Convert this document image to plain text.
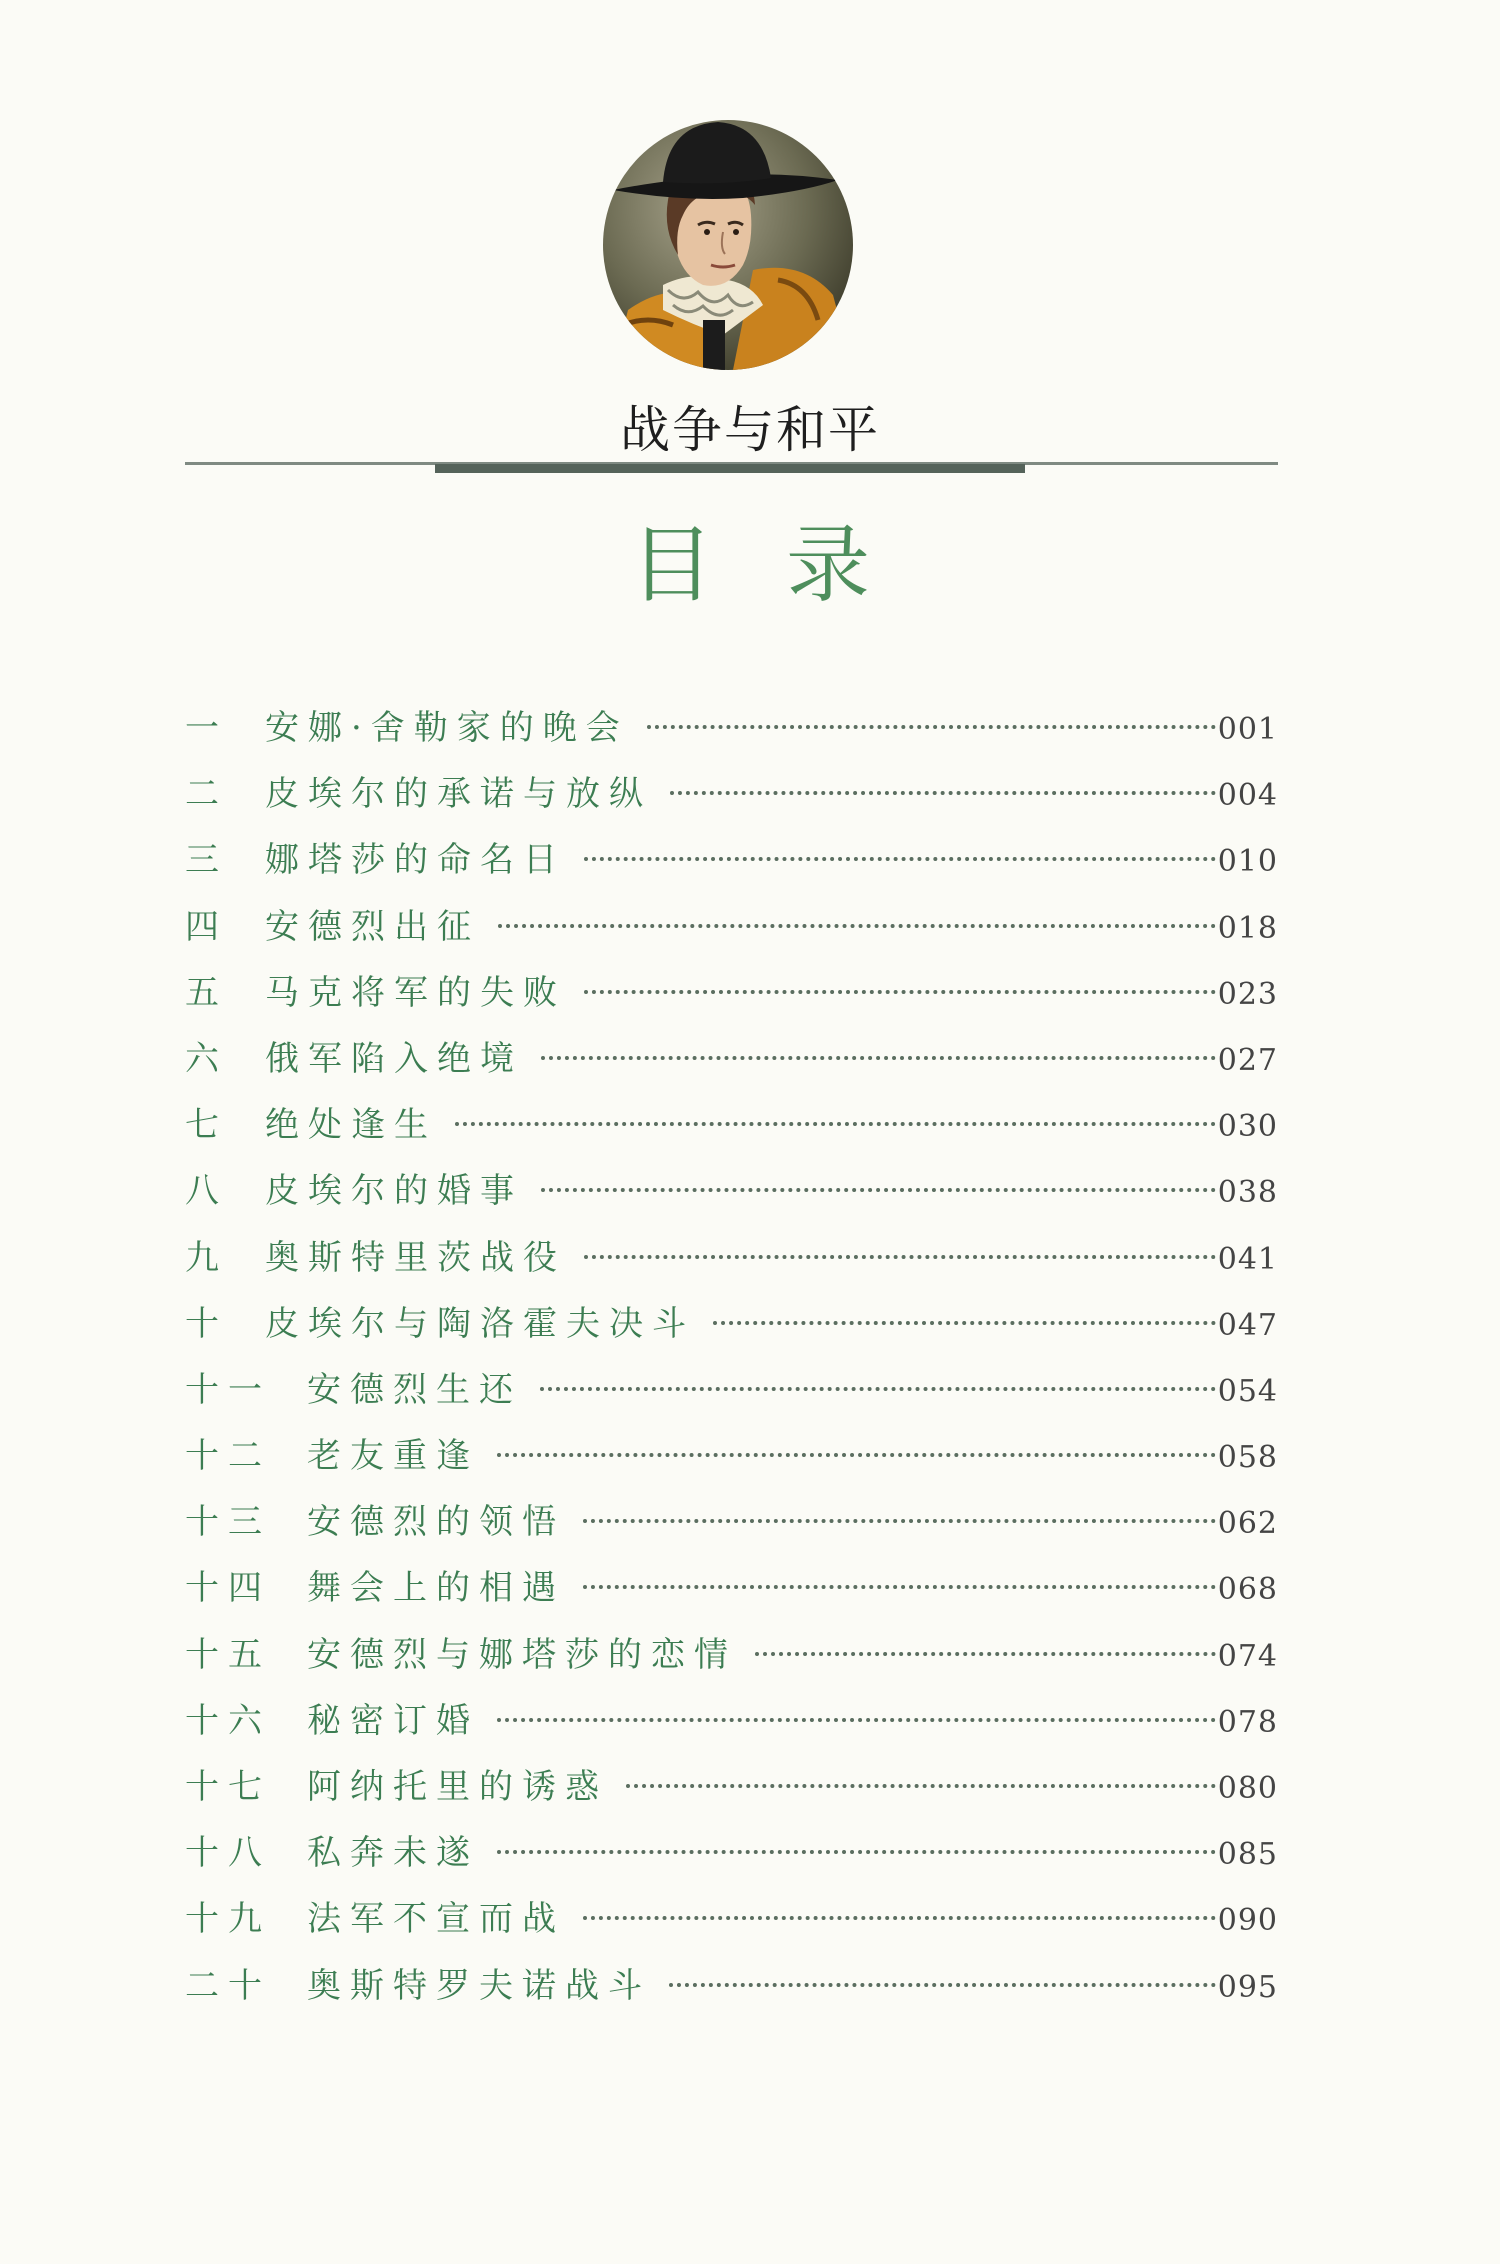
战争与和平
目录
一	安娜·舍勒家的晚会	001
二	皮埃尔的承诺与放纵	004
三	娜塔莎的命名日	010
四	安德烈出征	018
五	马克将军的失败	023
六	俄军陷入绝境	027
七	绝处逢生	030
八	皮埃尔的婚事	038
九	奥斯特里茨战役	041
十	皮埃尔与陶洛霍夫决斗	047
十一	安德烈生还	054
十二	老友重逢	058
十三	安德烈的领悟	062
十四	舞会上的相遇	068
十五	安德烈与娜塔莎的恋情	074
十六	秘密订婚	078
十七	阿纳托里的诱惑	080
十八	私奔未遂	085
十九	法军不宣而战	090
二十	奥斯特罗夫诺战斗	095
